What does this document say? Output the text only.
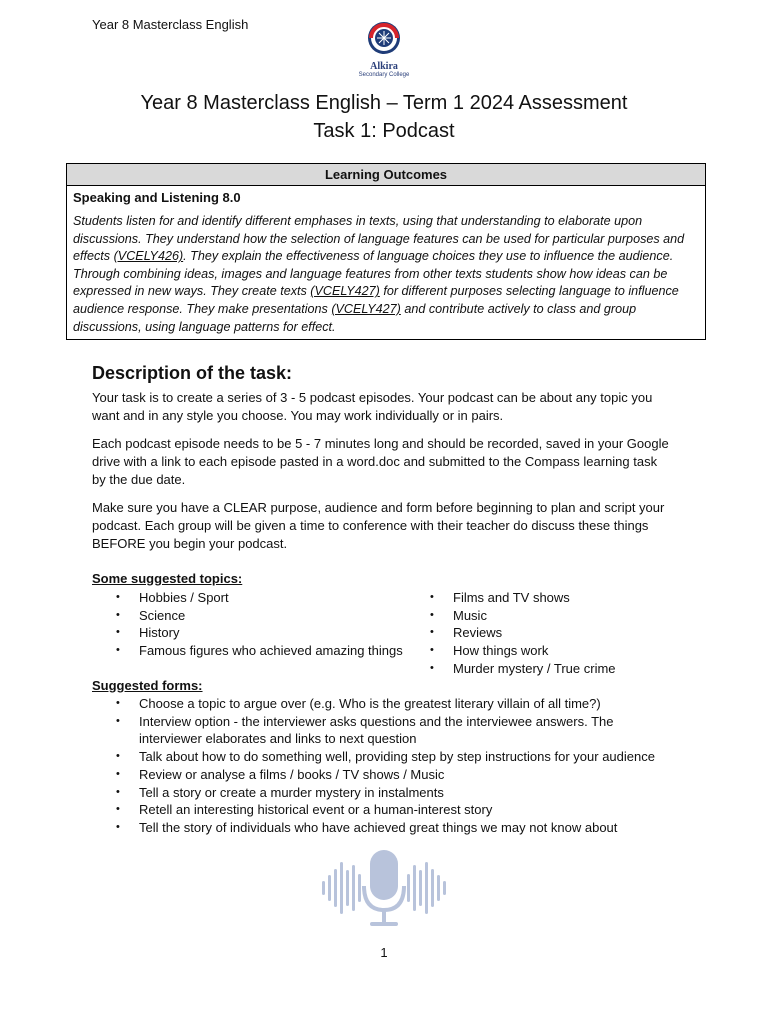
Year 8 Masterclass English
Alkira
Secondary College
Year 8 Masterclass English – Term 1 2024 Assessment
Task 1: Podcast
Learning Outcomes
Speaking and Listening 8.0
Students listen for and identify different emphases in texts, using that understanding to elaborate upon discussions. They understand how the selection of language features can be used for particular purposes and effects (VCELY426). They explain the effectiveness of language choices they use to influence the audience. Through combining ideas, images and language features from other texts students show how ideas can be expressed in new ways. They create texts (VCELY427) for different purposes selecting language to influence audience response. They make presentations (VCELY427) and contribute actively to class and group discussions, using language patterns for effect.
Description of the task:
Your task is to create a series of 3 - 5 podcast episodes. Your podcast can be about any topic you want and in any style you choose. You may work individually or in pairs.
Each podcast episode needs to be 5 - 7 minutes long and should be recorded, saved in your Google drive with a link to each episode pasted in a word.doc and submitted to the Compass learning task by the due date.
Make sure you have a CLEAR purpose, audience and form before beginning to plan and script your podcast. Each group will be given a time to conference with their teacher do discuss these things BEFORE you begin your podcast.
Some suggested topics:
• Hobbies / Sport
• Science
• History
• Famous figures who achieved amazing things
• Films and TV shows
• Music
• Reviews
• How things work
• Murder mystery / True crime
Suggested forms:
• Choose a topic to argue over (e.g. Who is the greatest literary villain of all time?)
• Interview option - the interviewer asks questions and the interviewee answers. The interviewer elaborates and links to next question
• Talk about how to do something well, providing step by step instructions for your audience
• Review or analyse a films / books / TV shows / Music
• Tell a story or create a murder mystery in instalments
• Retell an interesting historical event or a human-interest story
• Tell the story of individuals who have achieved great things we may not know about
1
